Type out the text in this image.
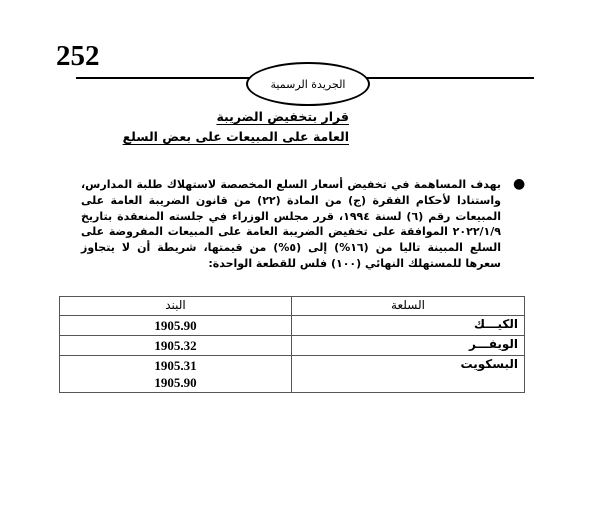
252
الجريدة الرسمية
قرار بتخفيض الضريبة
العامة على المبيعات على بعض السلع
●
بهدف المساهمة في تخفيض أسعار السلع المخصصة لاستهلاك طلبة المدارس، واستنادا لأحكام الفقرة (ج) من المادة (٢٢) من قانون الضريبة العامة على المبيعات رقم (٦) لسنة ١٩٩٤، قرر مجلس الوزراء في جلسته المنعقدة بتاريخ ٢٠٢٢/١/٩ الموافقة على تخفيض الضريبة العامة على المبيعات المفروضة على السلع المبينة تاليا من (١٦%) إلى (٥%) من قيمتها، شريطة أن لا يتجاوز سعرها للمستهلك النهائي (١٠٠) فلس للقطعة الواحدة:
السلعة	البند
الكيـــك	1905.90

الويفـــر	1905.32

البسكويت	1905.31
1905.90
